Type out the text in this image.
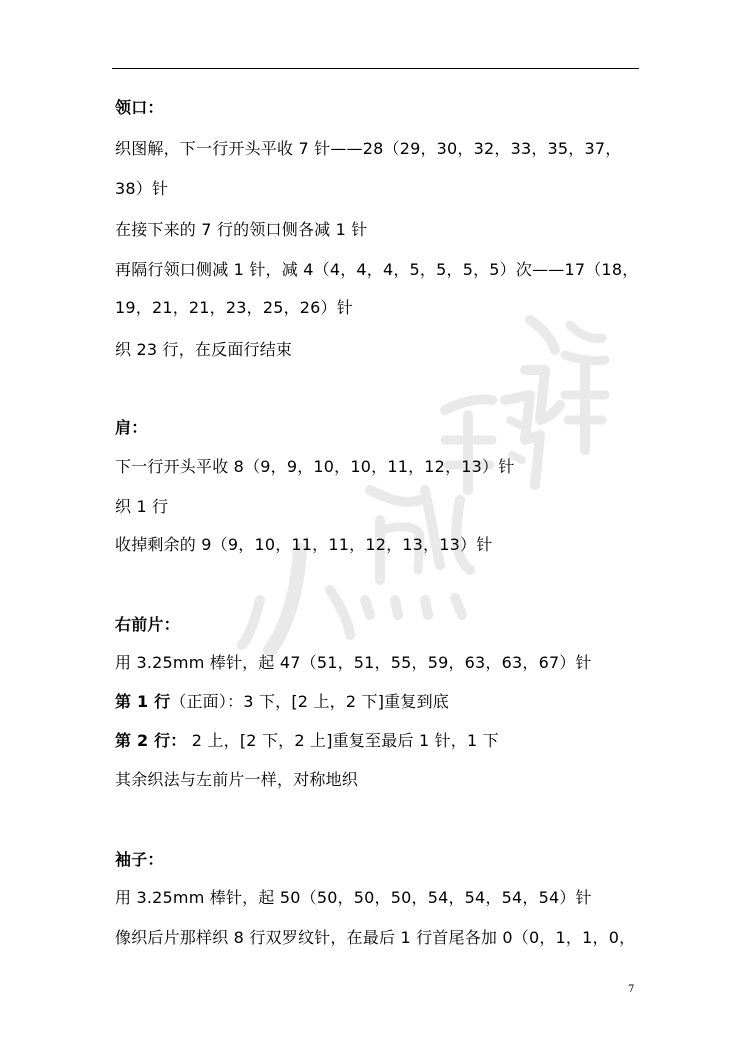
领口：
织图解，下一行开头平收 7 针——28（29，30，32，33，35，37，
38）针
在接下来的 7 行的领口侧各减 1 针
再隔行领口侧减 1 针，减 4（4，4，4，5，5，5，5）次——17（18，
19，21，21，23，25，26）针
织 23 行，在反面行结束
肩：
下一行开头平收 8（9，9，10，10，11，12，13）针
织 1 行
收掉剩余的 9（9，10，11，11，12，13，13）针
右前片：
用 3.25mm 棒针，起 47（51，51，55，59，63，63，67）针
第 1 行（正面）：3 下，[2 上，2 下]重复到底
第 2 行： 2 上，[2 下，2 上]重复至最后 1 针，1 下
其余织法与左前片一样，对称地织
袖子：
用 3.25mm 棒针，起 50（50，50，50，54，54，54，54）针
像织后片那样织 8 行双罗纹针，在最后 1 行首尾各加 0（0，1，1，0，
7
